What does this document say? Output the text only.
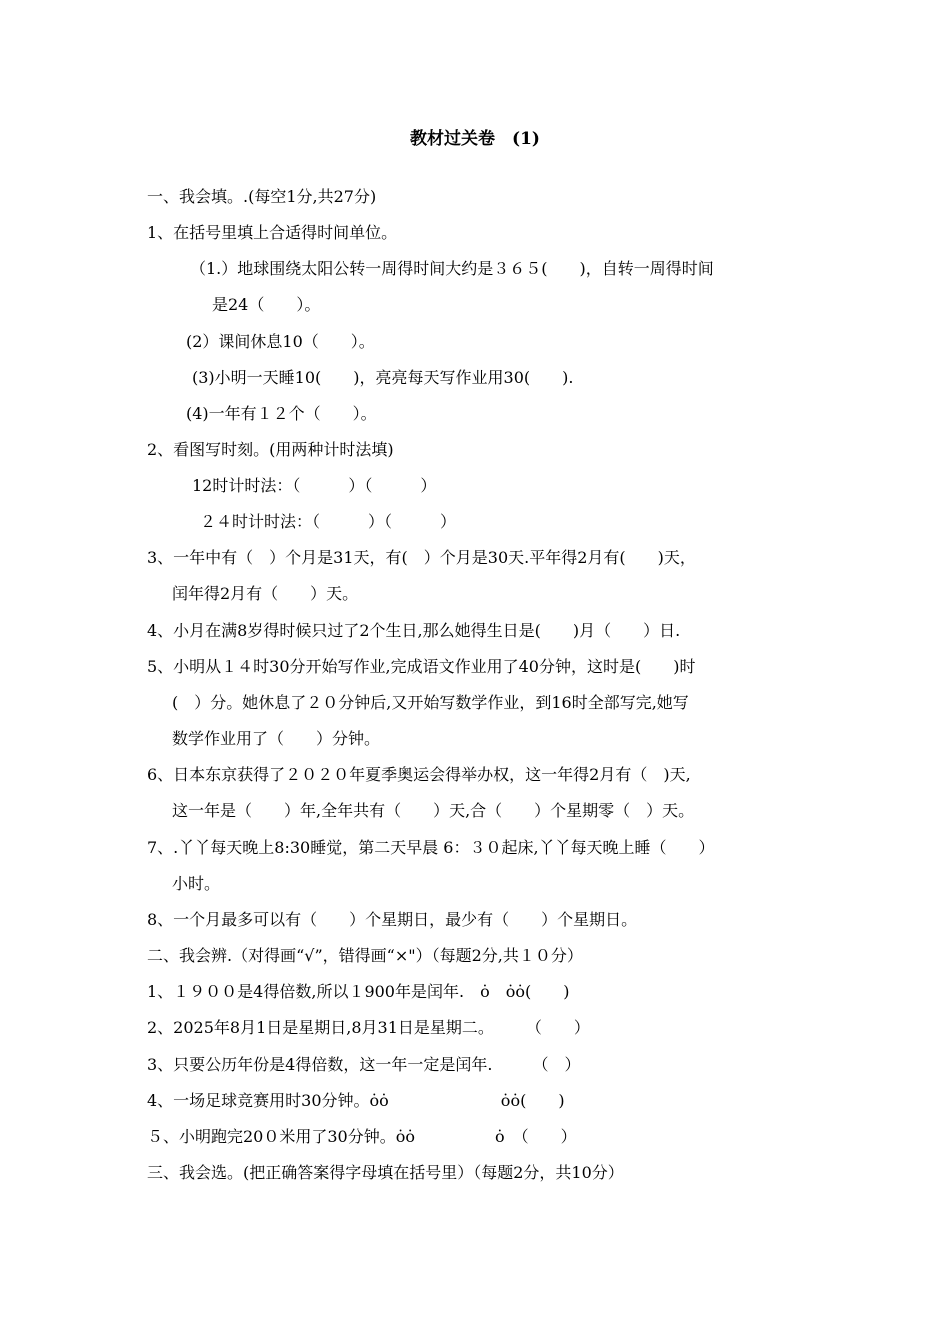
教材过关卷　(1)
一、我会填。.(每空1分,共27分)
1、在括号里填上合适得时间单位。
（1.）地球围绕太阳公转一周得时间大约是３６５(　　)，自转一周得时间
是24（　　）。
(2）课间休息10（　　）。
(3)小明一天睡10(　　)，亮亮每天写作业用30(　　).
(4)一年有１２个（　　）。
2、看图写时刻。(用两种计时法填)
12时计时法：（　　　）（　　　）
２４时计时法：（　　　）（　　　）
3、一年中有（　）个月是31天，有(　）个月是30天.平年得2月有(　　)天，
闰年得2月有（　　）天。
4、小月在满8岁得时候只过了2个生日,那么她得生日是(　　)月（　　）日.
5、小明从１４时30分开始写作业,完成语文作业用了40分钟，这时是(　　)时
(　）分。她休息了２０分钟后,又开始写数学作业，到16时全部写完,她写
数学作业用了（　　）分钟。
6、日本东京获得了２０２０年夏季奥运会得举办权，这一年得2月有（　)天,
这一年是（　　）年,全年共有（　　）天,合（　　）个星期零（　）天。
7、.丫丫每天晚上8:30睡觉，第二天早晨 6：３０起床,丫丫每天晚上睡（　　）
小时。
8、一个月最多可以有（　　）个星期日，最少有（　　）个星期日。
二、我会辨.（对得画“√”，错得画“×"）（每题2分,共１０分）
1、１９００是4得倍数,所以１900年是闰年.　ȯ　ȯȯ(　　)
2、2025年8月1日是星期日,8月31日是星期二。　　　（　　）
3、只要公历年份是4得倍数，这一年一定是闰年.　　　（　）
4、一场足球竞赛用时30分钟。ȯȯ　　　　　　　ȯȯ(　　)
５、小明跑完20０米用了30分钟。ȯȯ　　　　　ȯ　（　　）
三、我会选。(把正确答案得字母填在括号里）（每题2分，共10分）
